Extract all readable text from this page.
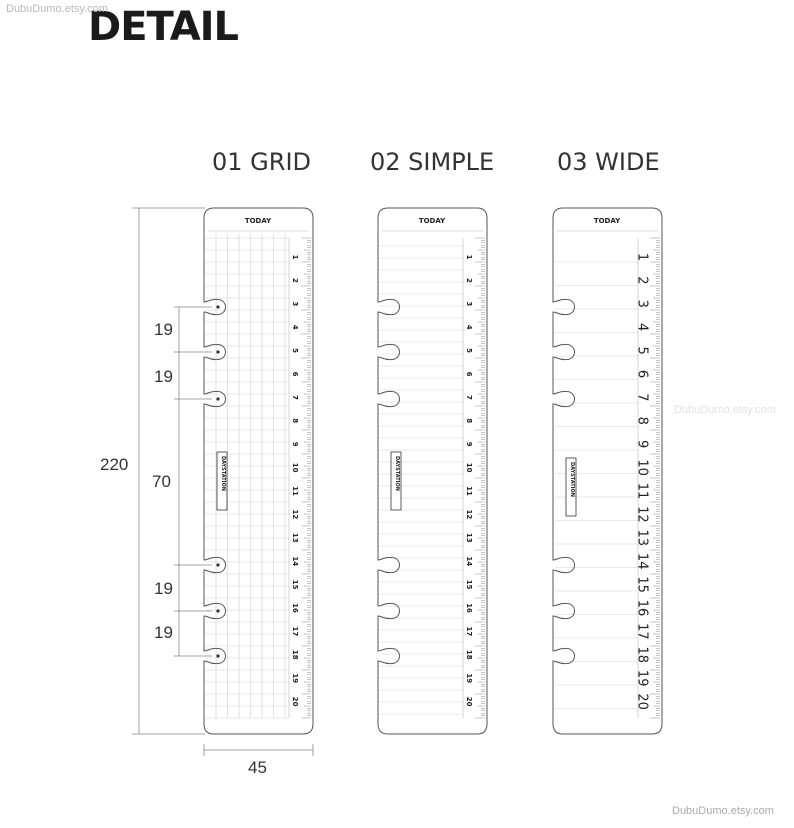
DETAIL
DubuDumo.etsy.com
DubuDumo.etsy.com
DubuDumo.etsy.com
01 GRID 02 SIMPLE	03 WIDE
220
19
19
70
19
19
45
TODAY
DAYSTATION
1
2
3
4
5
6
7
8
9
10
11
12
13
14
15
16
17
18
19
20
TODAY
DAYSTATION
1
2
3
4
5
6
7
8
9
10
11
12
13
14
15
16
17
18
19
20
TODAY
DAYSTATION
1
2
3
4
5
6
7
8
9
10
11
12
13
14
15
16
17
18
19
20
